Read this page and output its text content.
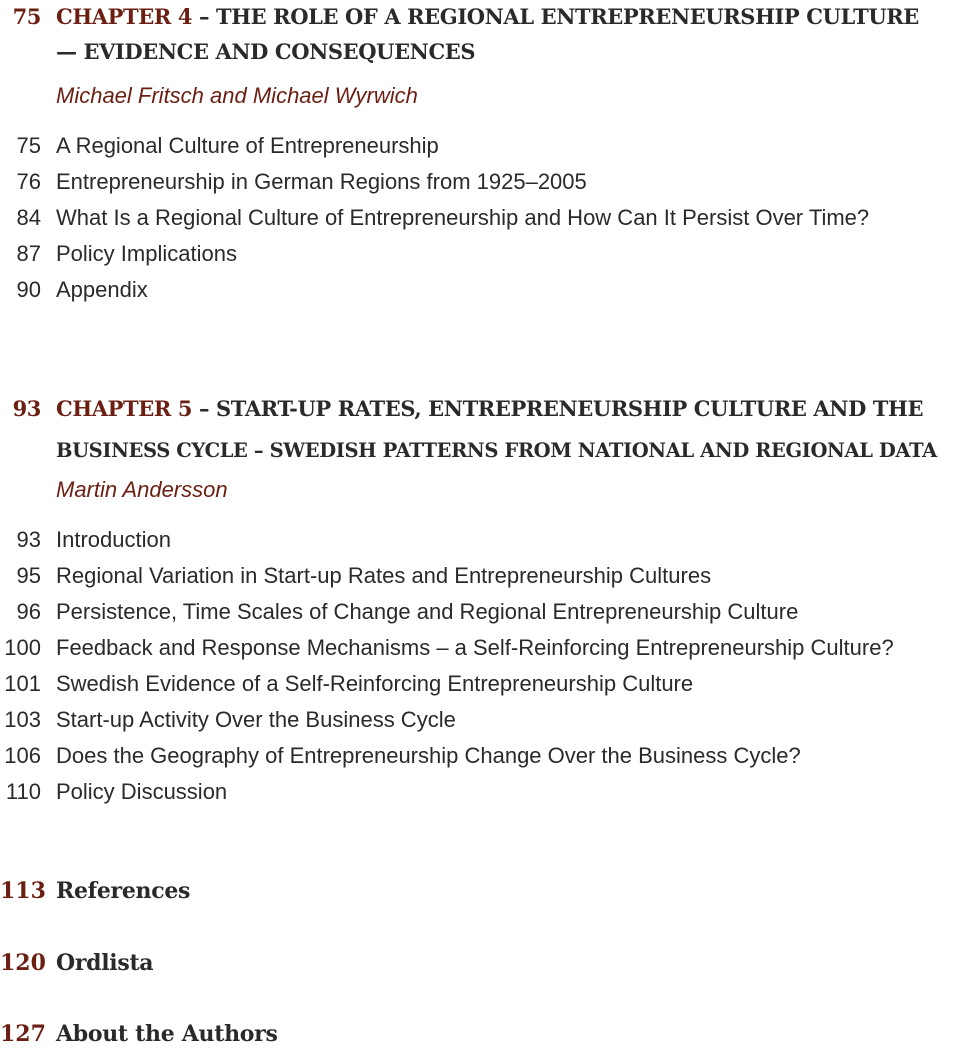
75 CHAPTER 4 – THE ROLE OF A REGIONAL ENTREPRENEURSHIP CULTURE
— EVIDENCE AND CONSEQUENCES
Michael Fritsch and Michael Wyrwich
75 A Regional Culture of Entrepreneurship
76 Entrepreneurship in German Regions from 1925–2005
84 What Is a Regional Culture of Entrepreneurship and How Can It Persist Over Time?
87 Policy Implications
90 Appendix
93 CHAPTER 5 – START-UP RATES, ENTREPRENEURSHIP CULTURE AND THE
BUSINESS CYCLE – SWEDISH PATTERNS FROM NATIONAL AND REGIONAL DATA
Martin Andersson
93 Introduction
95 Regional Variation in Start-up Rates and Entrepreneurship Cultures
96 Persistence, Time Scales of Change and Regional Entrepreneurship Culture
100 Feedback and Response Mechanisms – a Self-Reinforcing Entrepreneurship Culture?
101 Swedish Evidence of a Self-Reinforcing Entrepreneurship Culture
103 Start-up Activity Over the Business Cycle
106 Does the Geography of Entrepreneurship Change Over the Business Cycle?
110 Policy Discussion
113 References
120 Ordlista
127 About the Authors
